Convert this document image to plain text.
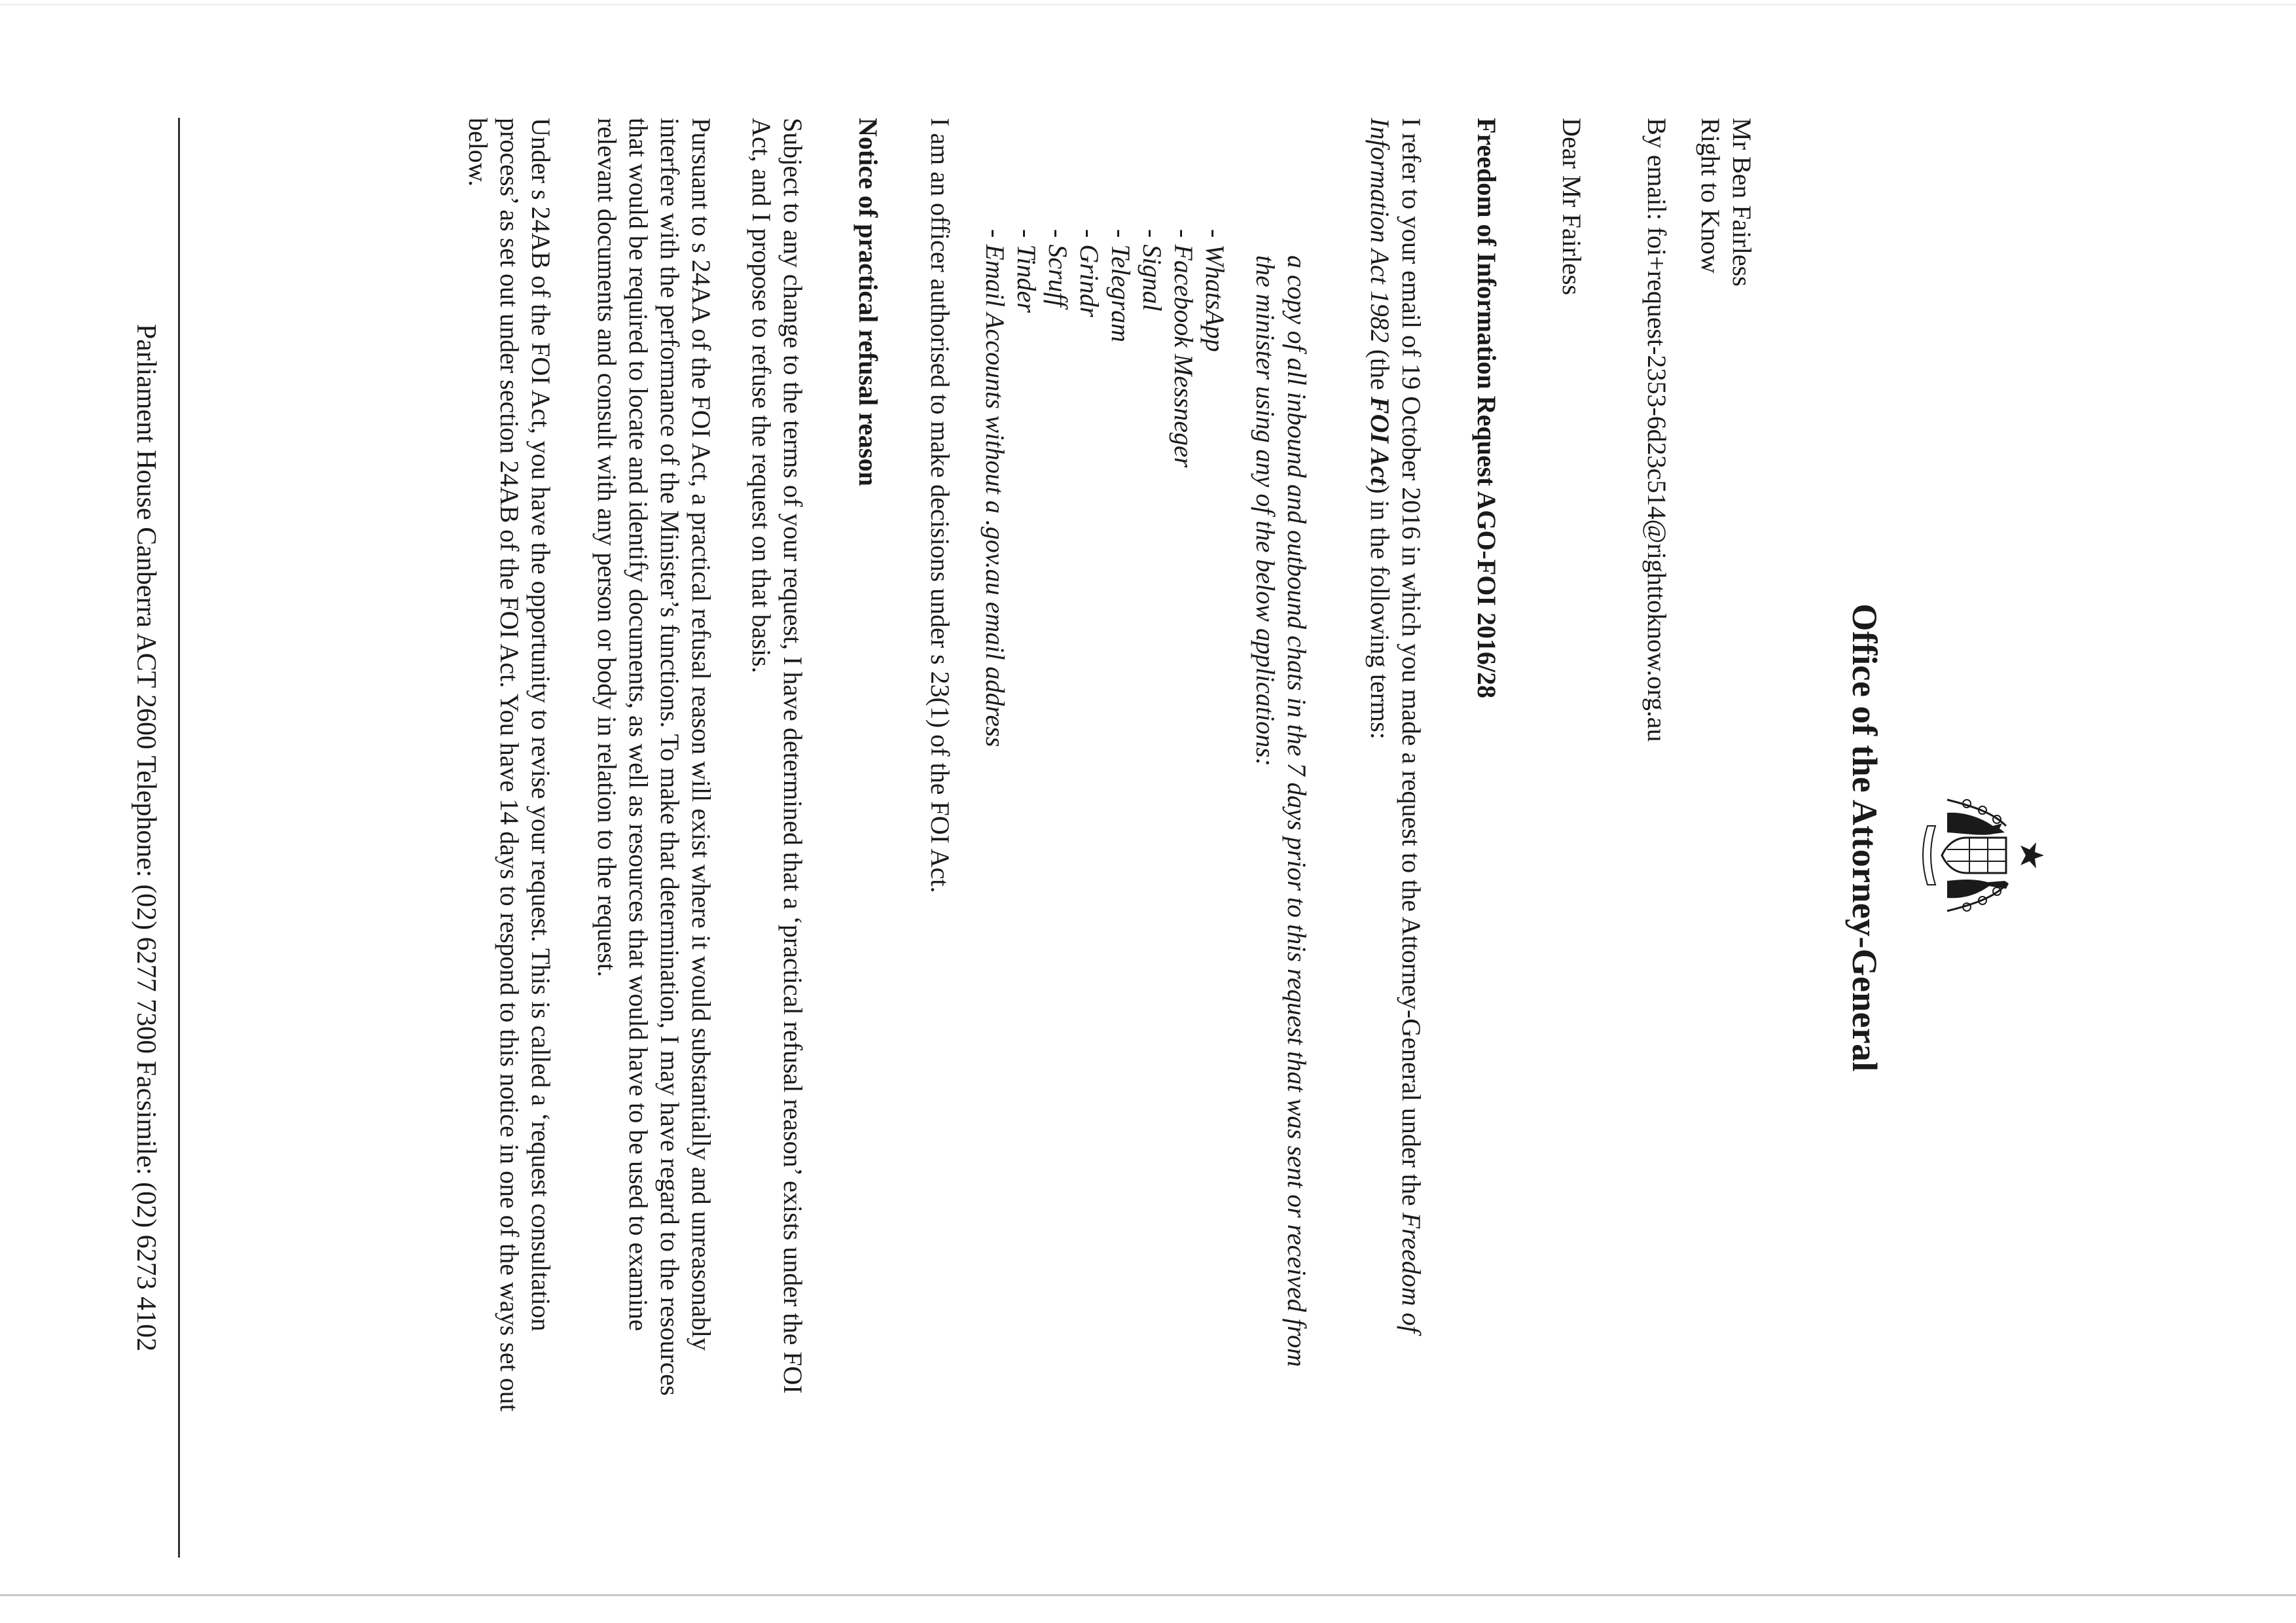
Office of the Attorney-General

Mr Ben Fairless

Right to Know

By email: foi+request-2353-6d23c514@righttoknow.org.au
Dear Mr Fairless
Freedom of Information Request AGO-FOI 2016/28
I refer to your email of 19 October 2016 in which you made a request to the Attorney-General under the Freedom of Information Act 1982 (the FOI Act) in the following terms:

a copy of all inbound and outbound chats in the 7 days prior to this request that was sent or received from the minister using any of the below applications:

- WhatsApp
- Facebook Messneger
- Signal
- Telegram
- Grindr
- Scruff
- Tinder
- Email Accounts without a .gov.au email address
I am an officer authorised to make decisions under s 23(1) of the FOI Act.
Notice of practical refusal reason
Subject to any change to the terms of your request, I have determined that a ‘practical refusal reason’ exists under the FOI Act, and I propose to refuse the request on that basis.
Pursuant to s 24AA of the FOI Act, a practical refusal reason will exist where it would substantially and unreasonably interfere with the performance of the Minister’s functions. To make that determination, I may have regard to the resources that would be required to locate and identify documents, as well as resources that would have to be used to examine relevant documents and consult with any person or body in relation to the request.
Under s 24AB of the FOI Act, you have the opportunity to revise your request. This is called a ‘request consultation process’ as set out under section 24AB of the FOI Act. You have 14 days to respond to this notice in one of the ways set out below.
Parliament House Canberra ACT 2600 Telephone: (02) 6277 7300 Facsimile: (02) 6273 4102
